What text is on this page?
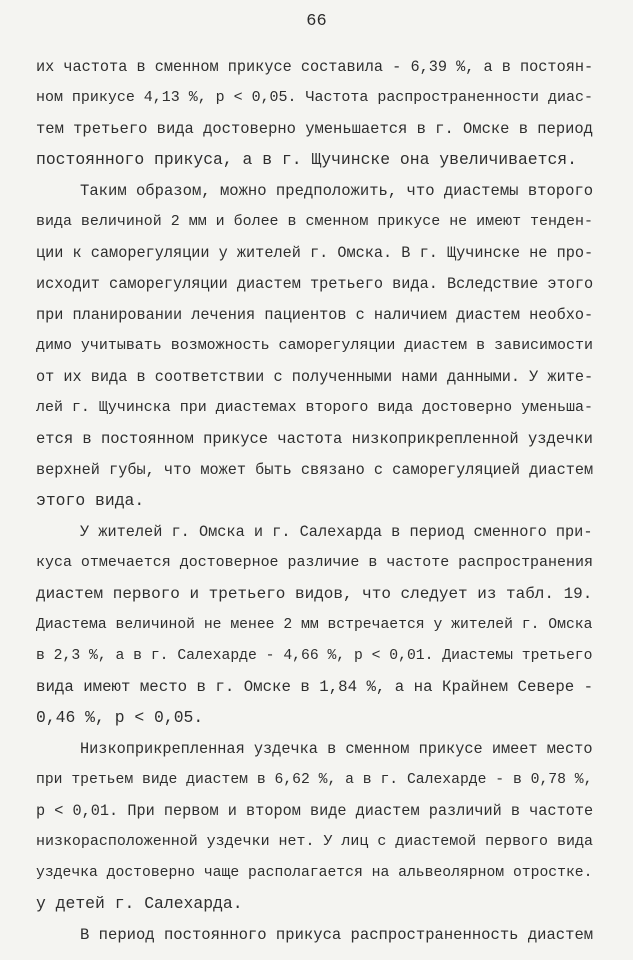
66
их частота в сменном прикусе составила - 6,39 %, а в постоян-
ном прикусе 4,13 %, р < 0,05. Частота распространенности диас-
тем третьего вида достоверно уменьшается в г. Омске в период
постоянного прикуса, а в г. Щучинске она увеличивается.
Таким образом, можно предположить, что диастемы второго
вида величиной 2 мм и более в сменном прикусе не имеют тенден-
ции к саморегуляции у жителей г. Омска. В г. Щучинске не про-
исходит саморегуляции диастем третьего вида. Вследствие этого
при планировании лечения пациентов с наличием диастем необхо-
димо учитывать возможность саморегуляции диастем в зависимости
от их вида в соответствии с полученными нами данными. У жите-
лей г. Щучинска при диастемах второго вида достоверно уменьша-
ется в постоянном прикусе частота низкоприкрепленной уздечки
верхней губы, что может быть связано с саморегуляцией диастем
этого вида.
У жителей г. Омска и г. Салехарда в период сменного при-
куса отмечается достоверное различие в частоте распространения
диастем первого и третьего видов, что следует из табл. 19.
Диастема величиной не менее 2 мм встречается у жителей г. Омска
в 2,3 %, а в г. Салехарде - 4,66 %, р < 0,01. Диастемы третьего
вида имеют место в г. Омске в 1,84 %, а на Крайнем Севере -
0,46 %, р < 0,05.
Низкоприкрепленная уздечка в сменном прикусе имеет место
при третьем виде диастем в 6,62 %, а в г. Салехарде - в 0,78 %,
р < 0,01. При первом и втором виде диастем различий в частоте
низкорасположенной уздечки нет. У лиц с диастемой первого вида
уздечка достоверно чаще располагается на альвеолярном отростке.
у детей г. Салехарда.
В период постоянного прикуса распространенность диастем
